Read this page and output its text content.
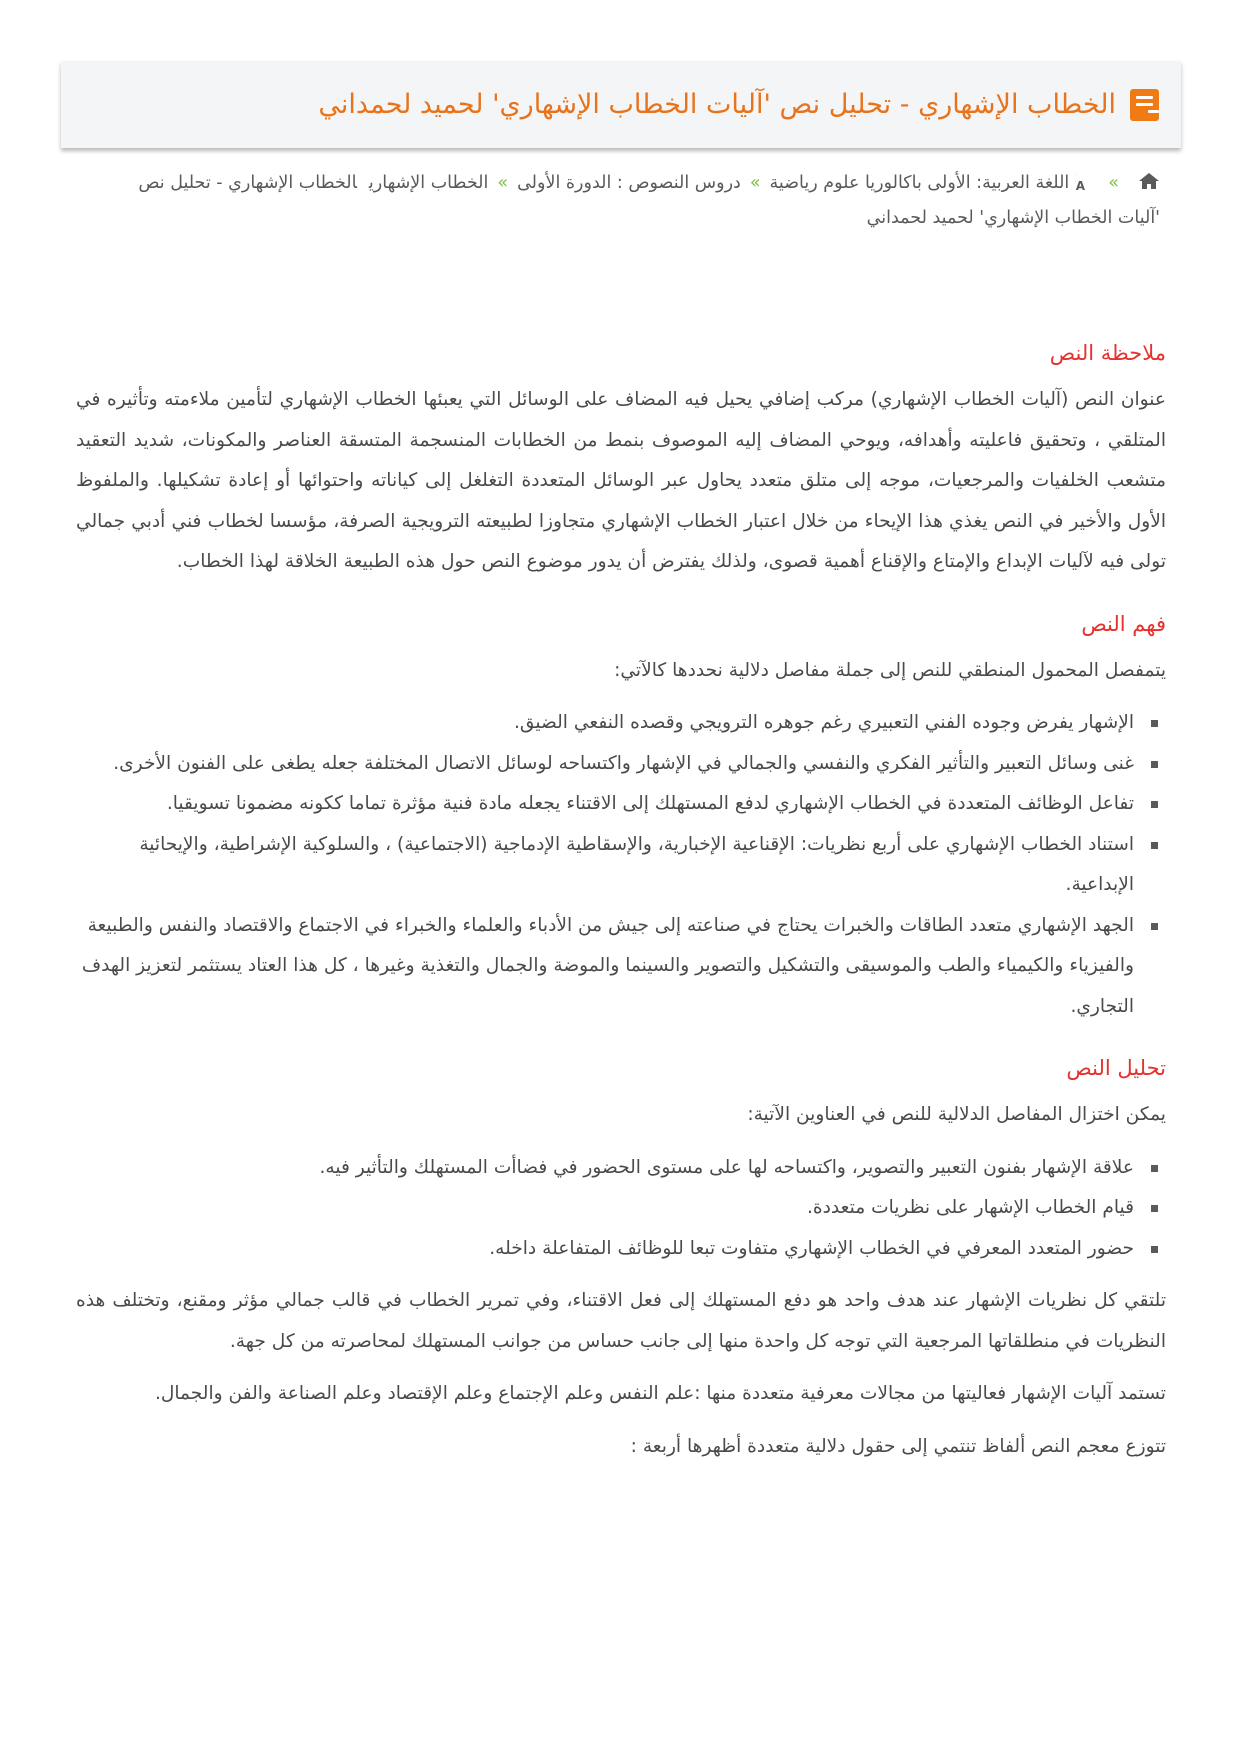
الخطاب الإشهاري - تحليل نص 'آليات الخطاب الإشهاري' لحميد لحمداني
»
A
اللغة العربية: الأولى باكالوريا علوم رياضية»دروس النصوص : الدورة الأولى»الخطاب الإشهاريالخطاب الإشهاري - تحليل نص 'آليات الخطاب الإشهاري' لحميد لحمداني
ملاحظة النص

عنوان النص (آليات الخطاب الإشهاري) مركب إضافي يحيل فيه المضاف على الوسائل التي يعبئها الخطاب الإشهاري لتأمين ملاءمته وتأثيره في المتلقي ، وتحقيق فاعليته وأهدافه، ويوحي المضاف إليه الموصوف بنمط من الخطابات المنسجمة المتسقة العناصر والمكونات، شديد التعقيد متشعب الخلفيات والمرجعيات، موجه إلى متلق متعدد يحاول عبر الوسائل المتعددة التغلغل إلى كياناته واحتوائها أو إعادة تشكيلها. والملفوظ الأول والأخير في النص يغذي هذا الإيحاء من خلال اعتبار الخطاب الإشهاري متجاوزا لطبيعته الترويجية الصرفة، مؤسسا لخطاب فني أدبي جمالي تولى فيه لآليات الإبداع والإمتاع والإقناع أهمية قصوى، ولذلك يفترض أن يدور موضوع النص حول هذه الطبيعة الخلاقة لهذا الخطاب.

فهم النص

يتمفصل المحمول المنطقي للنص إلى جملة مفاصل دلالية نحددها كالآتي:

الإشهار يفرض وجوده الفني التعبيري رغم جوهره الترويجي وقصده النفعي الضيق.
غنى وسائل التعبير والتأثير الفكري والنفسي والجمالي في الإشهار واكتساحه لوسائل الاتصال المختلفة جعله يطغى على الفنون الأخرى.
تفاعل الوظائف المتعددة في الخطاب الإشهاري لدفع المستهلك إلى الاقتناء يجعله مادة فنية مؤثرة تماما ككونه مضمونا تسويقيا.
استناد الخطاب الإشهاري على أربع نظريات: الإقناعية الإخبارية، والإسقاطية الإدماجية (الاجتماعية) ، والسلوكية الإشراطية، والإيحائية الإبداعية.
الجهد الإشهاري متعدد الطاقات والخبرات يحتاج في صناعته إلى جيش من الأدباء والعلماء والخبراء في الاجتماع والاقتصاد والنفس والطبيعة والفيزياء والكيمياء والطب والموسيقى والتشكيل والتصوير والسينما والموضة والجمال والتغذية وغيرها ، كل هذا العتاد يستثمر لتعزيز الهدف التجاري.
تحليل النص

يمكن اختزال المفاصل الدلالية للنص في العناوين الآتية:

علاقة الإشهار بفنون التعبير والتصوير، واكتساحه لها على مستوى الحضور في فضاأت المستهلك والتأثير فيه.
قيام الخطاب الإشهار على نظريات متعددة.
حضور المتعدد المعرفي في الخطاب الإشهاري متفاوت تبعا للوظائف المتفاعلة داخله.

تلتقي كل نظريات الإشهار عند هدف واحد هو دفع المستهلك إلى فعل الاقتناء، وفي تمرير الخطاب في قالب جمالي مؤثر ومقنع، وتختلف هذه النظريات في منطلقاتها المرجعية التي توجه كل واحدة منها إلى جانب حساس من جوانب المستهلك لمحاصرته من كل جهة.

تستمد آليات الإشهار فعاليتها من مجالات معرفية متعددة منها :علم النفس وعلم الإجتماع وعلم الإقتصاد وعلم الصناعة والفن والجمال.

تتوزع معجم النص ألفاظ تنتمي إلى حقول دلالية متعددة أظهرها أربعة :
